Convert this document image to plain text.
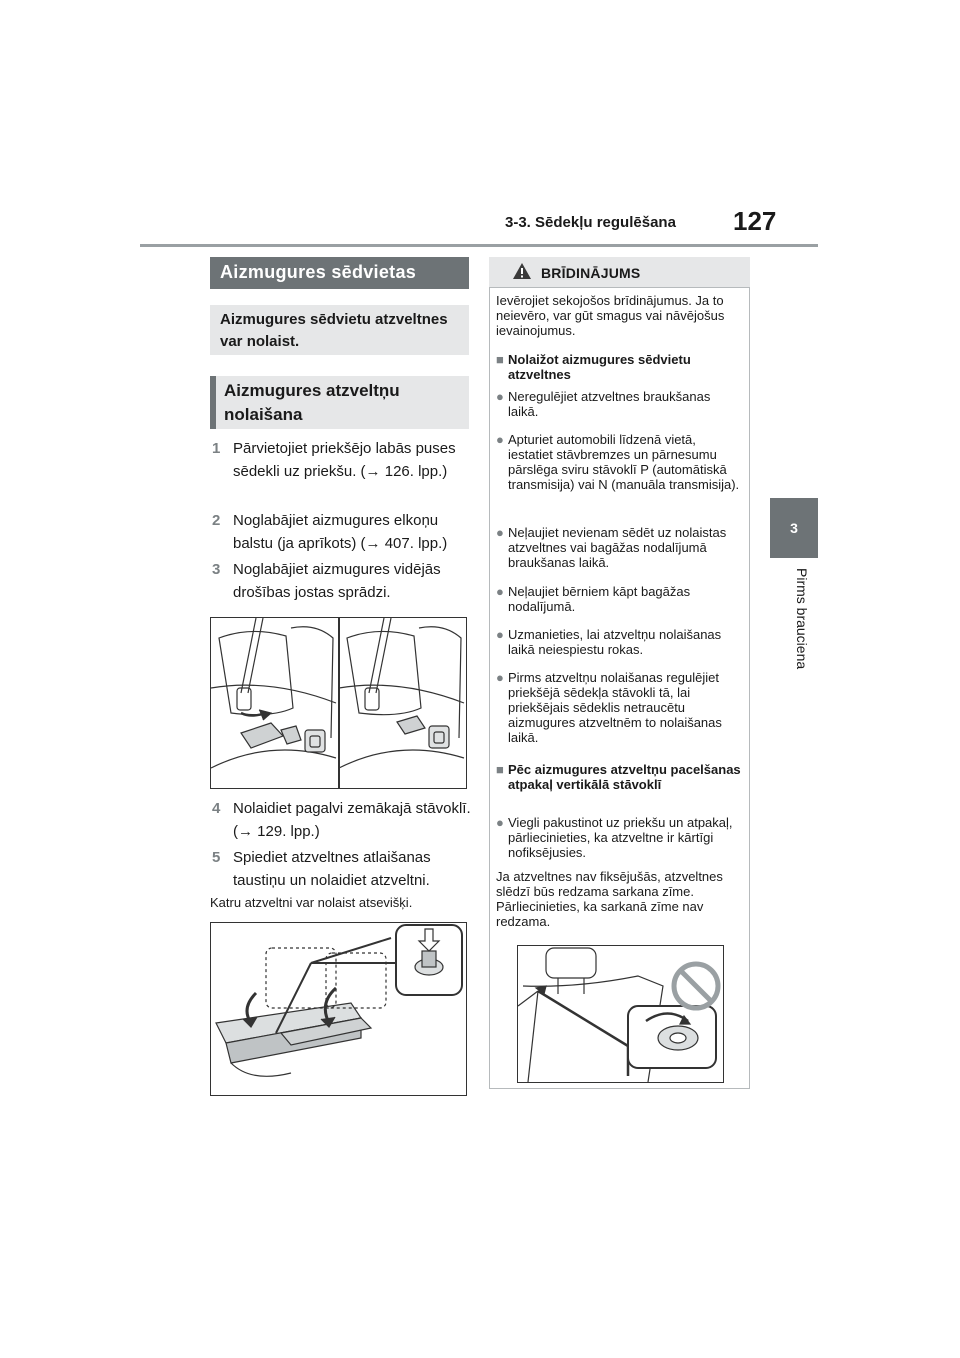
3-3. Sēdekļu regulēšana 127
3
Pirms brauciena
Aizmugures sēdvietas
Aizmugures sēdvietu atzveltnes var nolaist.
Aizmugures atzveltņu nolaišana
1 Pārvietojiet priekšējo labās puses sēdekli uz priekšu. (→ 126. lpp.)
2 Noglabājiet aizmugures elkoņu balstu (ja aprīkots) (→ 407. lpp.)
3 Noglabājiet aizmugures vidējās drošības jostas sprādzi.
4 Nolaidiet pagalvi zemākajā stāvoklī. (→ 129. lpp.)
5 Spiediet atzveltnes atlaišanas taustiņu un nolaidiet atzveltni.
Katru atzveltni var nolaist atsevišķi.
BRĪDINĀJUMS
Ievērojiet sekojošos brīdinājumus. Ja to neievēro, var gūt smagus vai nāvējošus ievainojumus.
■ Nolaižot aizmugures sēdvietu atzveltnes
● Neregulējiet atzveltnes braukšanas laikā.
● Apturiet automobili līdzenā vietā, iestatiet stāvbremzes un pārnesumu pārslēga sviru stāvoklī P (automātiskā transmisija) vai N (manuāla transmisija).
● Neļaujiet nevienam sēdēt uz nolaistas atzveltnes vai bagāžas nodalījumā braukšanas laikā.
● Neļaujiet bērniem kāpt bagāžas nodalījumā.
● Uzmanieties, lai atzveltņu nolaišanas laikā neiespiestu rokas.
● Pirms atzveltņu nolaišanas regulējiet priekšējā sēdekļa stāvokli tā, lai priekšējais sēdeklis netraucētu aizmugures atzveltnēm to nolaišanas laikā.
■ Pēc aizmugures atzveltņu pacelšanas atpakaļ vertikālā stāvoklī
● Viegli pakustinot uz priekšu un atpakaļ, pārliecinieties, ka atzveltne ir kārtīgi nofiksējusies.
Ja atzveltnes nav fiksējušās, atzveltnes slēdzī būs redzama sarkana zīme. Pārliecinieties, ka sarkanā zīme nav redzama.
